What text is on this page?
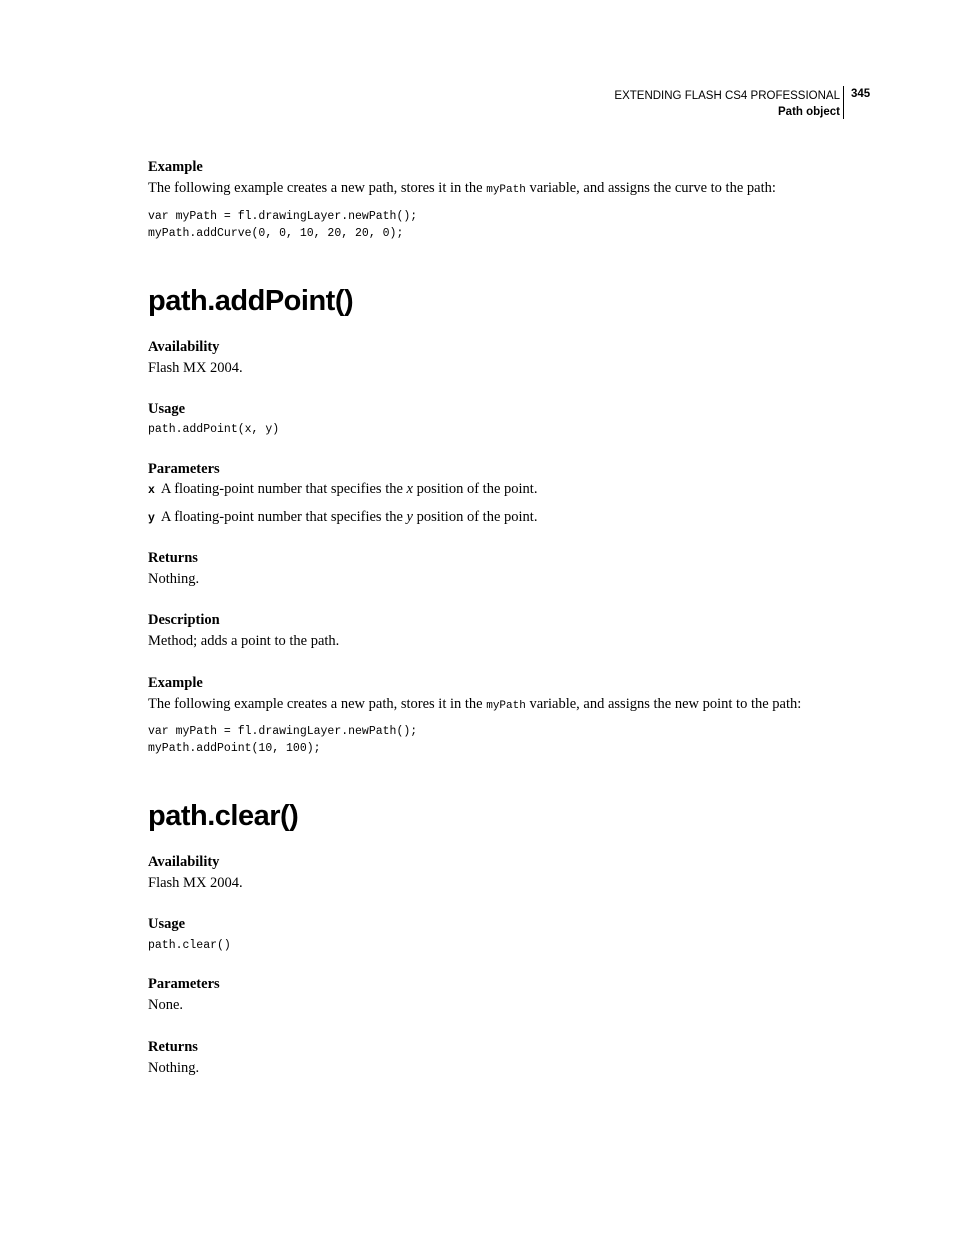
EXTENDING FLASH CS4 PROFESSIONAL
Path object
345
Example
The following example creates a new path, stores it in the myPath variable, and assigns the curve to the path:
var myPath = fl.drawingLayer.newPath();
myPath.addCurve(0, 0, 10, 20, 20, 0);
path.addPoint()
Availability
Flash MX 2004.
Usage
path.addPoint(x, y)
Parameters
x A floating-point number that specifies the x position of the point.
y A floating-point number that specifies the y position of the point.
Returns
Nothing.
Description
Method; adds a point to the path.
Example
The following example creates a new path, stores it in the myPath variable, and assigns the new point to the path:
var myPath = fl.drawingLayer.newPath();
myPath.addPoint(10, 100);
path.clear()
Availability
Flash MX 2004.
Usage
path.clear()
Parameters
None.
Returns
Nothing.
